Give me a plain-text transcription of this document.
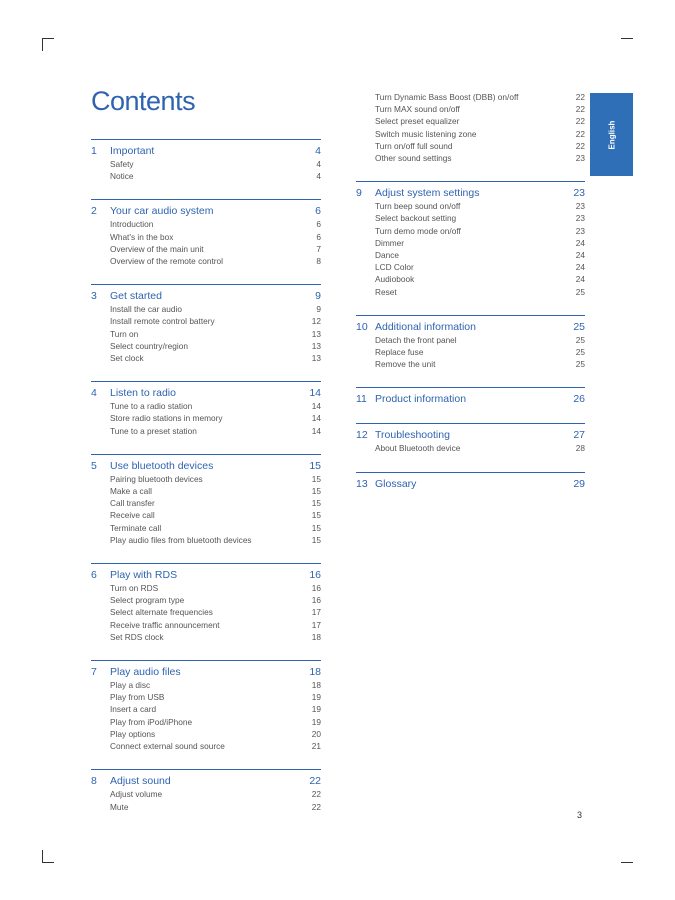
Contents
English
1	Important	4
Safety	4
Notice	4
2	Your car audio system	6
Introduction	6
What's in the box	6
Overview of the main unit	7
Overview of the remote control	8
3	Get started	9
Install the car audio	9
Install remote control battery	12
Turn on	13
Select country/region	13
Set clock	13
4	Listen to radio	14
Tune to a radio station	14
Store radio stations in memory	14
Tune to a preset station	14
5	Use bluetooth devices	15
Pairing bluetooth devices	15
Make a call	15
Call transfer	15
Receive call	15
Terminate call	15
Play audio files from bluetooth devices	15
6	Play with RDS	16
Turn on RDS	16
Select program type	16
Select alternate frequencies	17
Receive traffic announcement	17
Set RDS clock	18
7	Play audio files	18
Play a disc	18
Play from USB	19
Insert a card	19
Play from iPod/iPhone	19
Play options	20
Connect external sound source	21
8	Adjust sound	22
Adjust volume	22
Mute	22
Turn Dynamic Bass Boost (DBB) on/off	22
Turn MAX sound on/off	22
Select preset equalizer	22
Switch music listening zone	22
Turn on/off full sound	22
Other sound settings	23
9	Adjust system settings	23
Turn beep sound on/off	23
Select backout setting	23
Turn demo mode on/off	23
Dimmer	24
Dance	24
LCD Color	24
Audiobook	24
Reset	25
10 Additional information	25
Detach the front panel	25
Replace fuse	25
Remove the unit	25
11 Product information	26
12 Troubleshooting	27
About Bluetooth device	28
13 Glossary	29
3
